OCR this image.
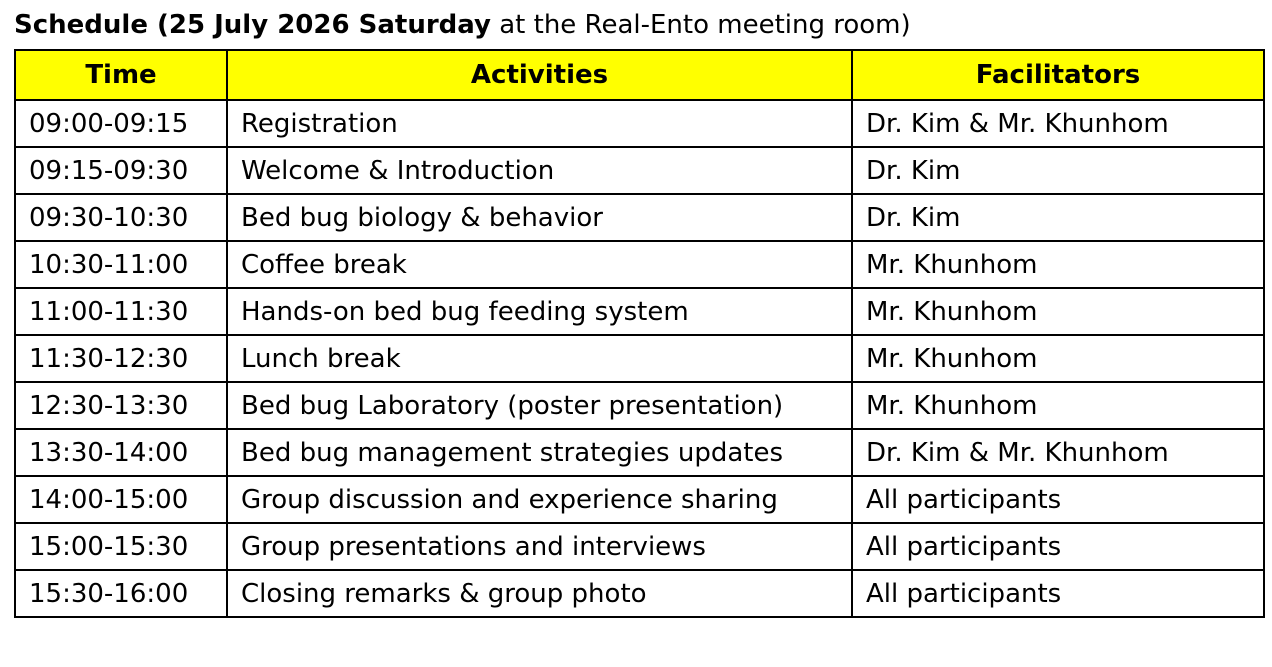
Schedule (25 July 2026 Saturday at the Real-Ento meeting room)
Time	Activities	Facilitators
09:00-09:15	Registration	Dr. Kim & Mr. Khunhom
09:15-09:30	Welcome & Introduction	Dr. Kim
09:30-10:30	Bed bug biology & behavior	Dr. Kim
10:30-11:00	Coffee break	Mr. Khunhom
11:00-11:30	Hands-on bed bug feeding system	Mr. Khunhom
11:30-12:30	Lunch break	Mr. Khunhom
12:30-13:30	Bed bug Laboratory (poster presentation)	Mr. Khunhom
13:30-14:00	Bed bug management strategies updates	Dr. Kim & Mr. Khunhom
14:00-15:00	Group discussion and experience sharing	All participants
15:00-15:30	Group presentations and interviews	All participants
15:30-16:00	Closing remarks & group photo	All participants
